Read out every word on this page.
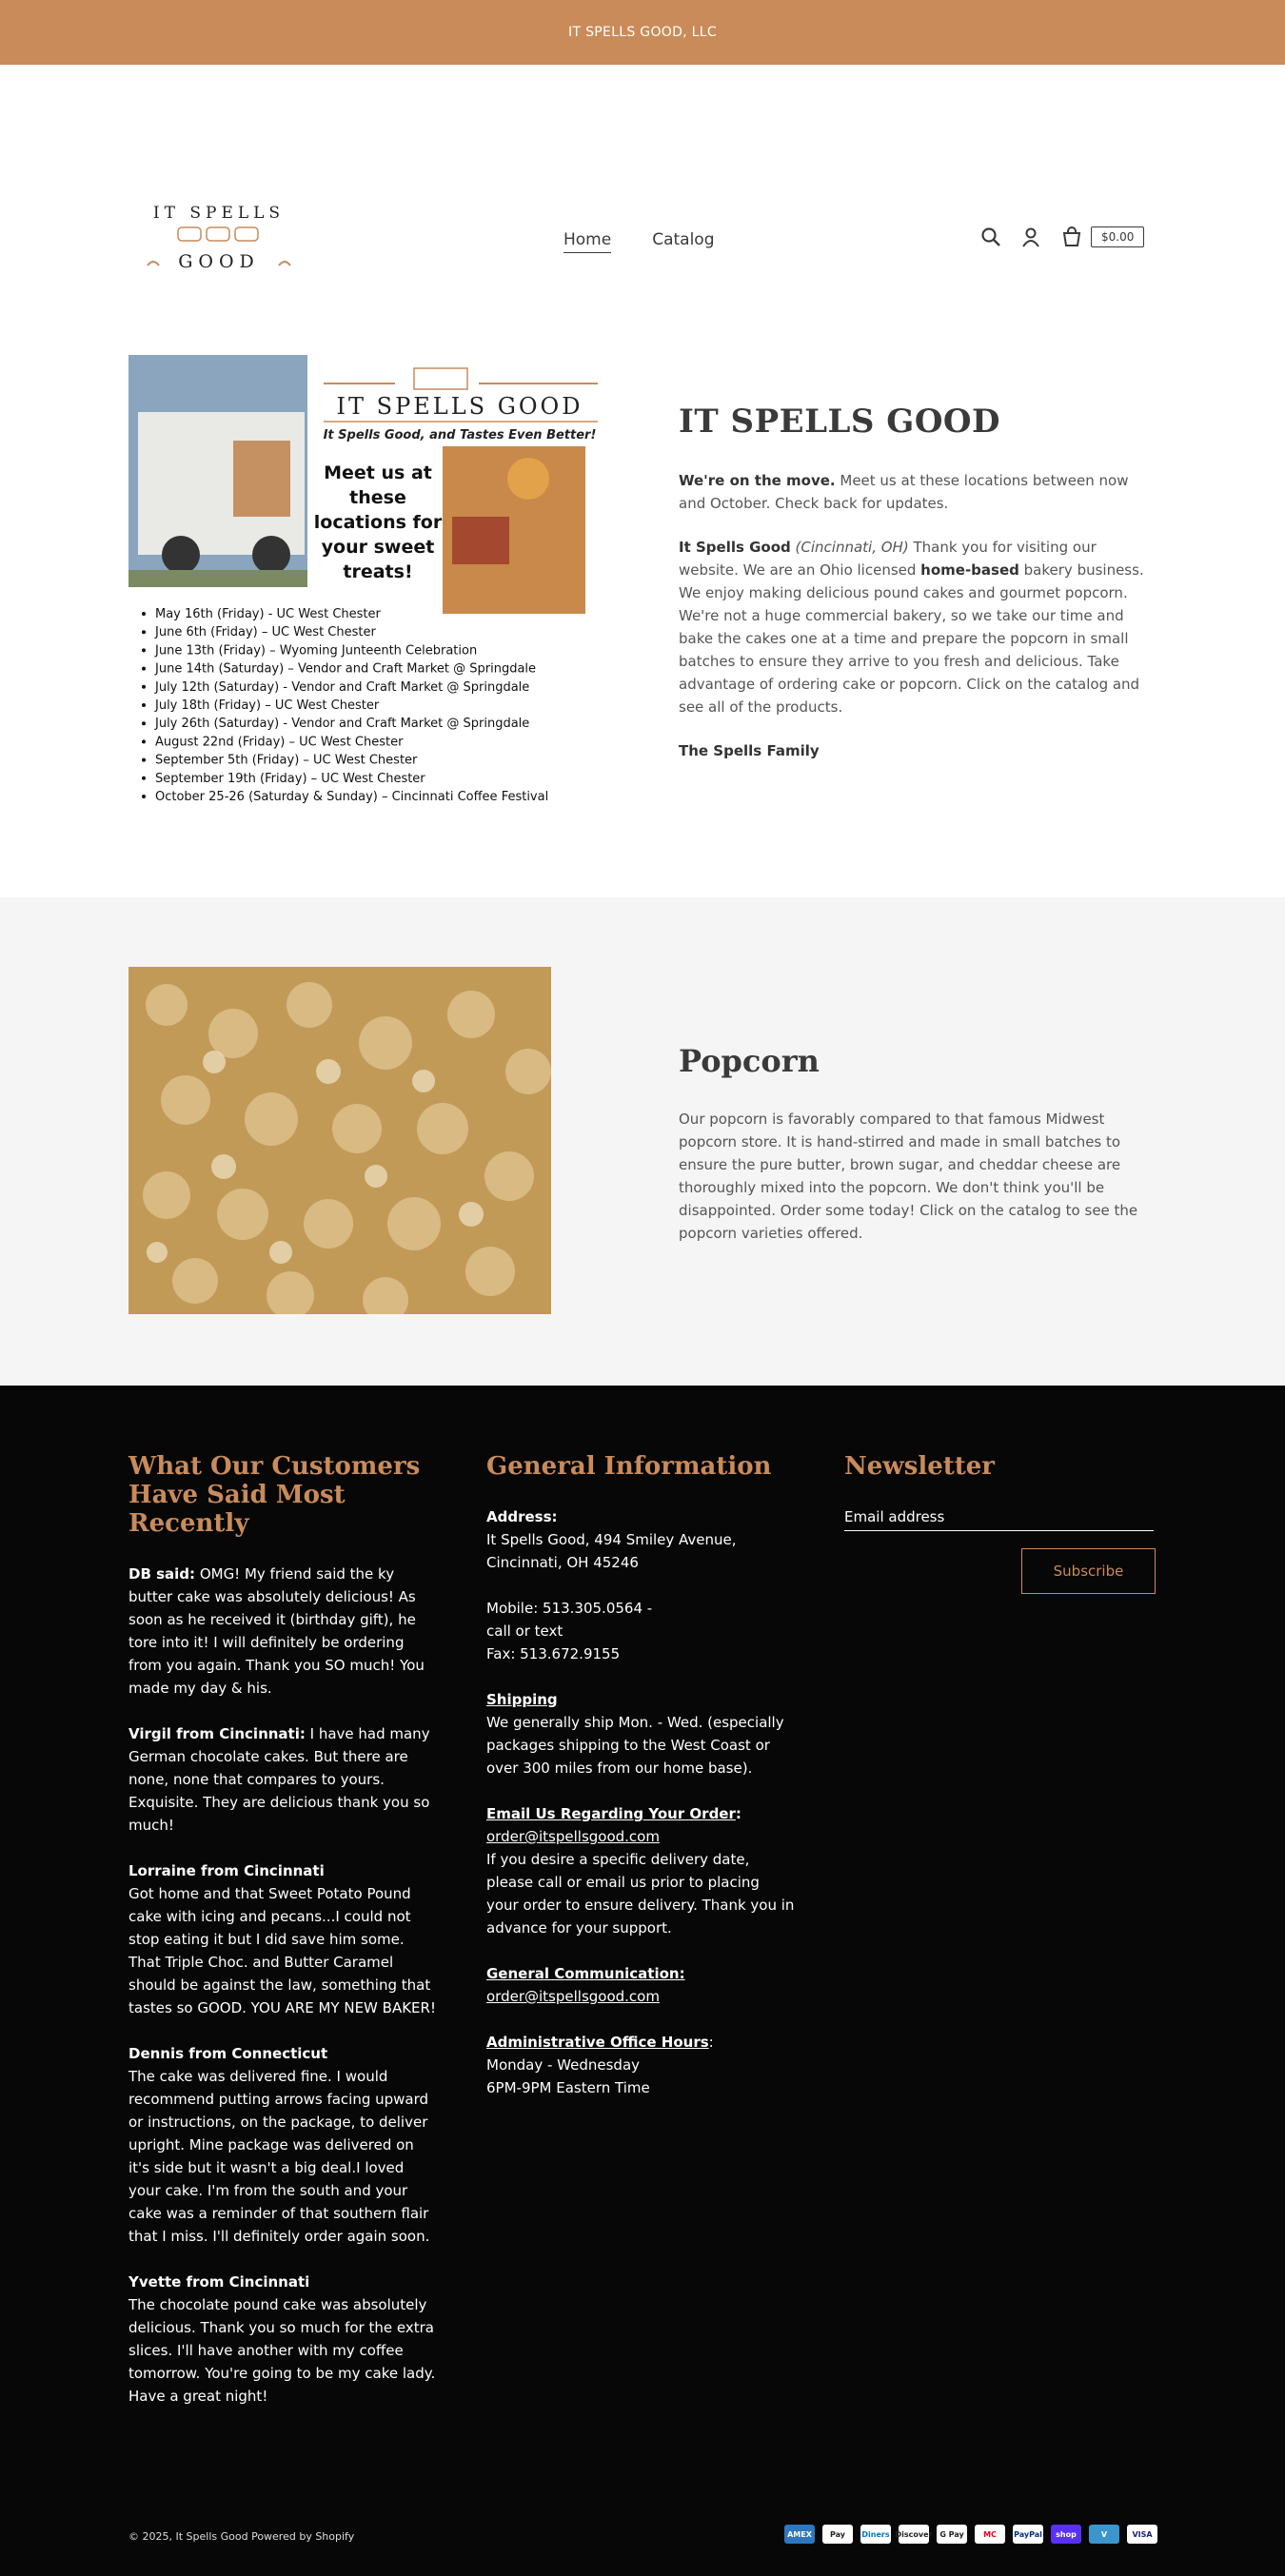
IT SPELLS GOOD, LLC
IT SPELLS
GOOD
Home	Catalog	$0.00
IT SPELLS GOOD
It Spells Good, and Tastes Even Better!
Meet us at
these
locations for
your sweet
treats!
May 16th (Friday) - UC West Chester
June 6th (Friday) – UC West Chester
June 13th (Friday) – Wyoming Junteenth Celebration
June 14th (Saturday) – Vendor and Craft Market @ Springdale
July 12th (Saturday) - Vendor and Craft Market @ Springdale
July 18th (Friday) – UC West Chester
July 26th (Saturday) - Vendor and Craft Market @ Springdale
August 22nd (Friday) – UC West Chester
September 5th (Friday) – UC West Chester
September 19th (Friday) – UC West Chester
October 25-26 (Saturday & Sunday) – Cincinnati Coffee Festival
IT SPELLS GOOD

We're on the move. Meet us at these locations between now and October. Check back for updates.

It Spells Good (Cincinnati, OH) Thank you for visiting our website. We are an Ohio licensed home-based bakery business. We enjoy making delicious pound cakes and gourmet popcorn. We're not a huge commercial bakery, so we take our time and bake the cakes one at a time and prepare the popcorn in small batches to ensure they arrive to you fresh and delicious. Take advantage of ordering cake or popcorn. Click on the catalog and see all of the products.

The Spells Family

Popcorn

Our popcorn is favorably compared to that famous Midwest popcorn store. It is hand-stirred and made in small batches to ensure the pure butter, brown sugar, and cheddar cheese are thoroughly mixed into the popcorn. We don't think you'll be disappointed. Order some today! Click on the catalog to see the popcorn varieties offered.

What Our Customers Have Said Most Recently
DB said: OMG! My friend said the ky butter cake was absolutely delicious! As soon as he received it (birthday gift), he tore into it! I will definitely be ordering from you again. Thank you SO much! You made my day & his.
Virgil from Cincinnati: I have had many German chocolate cakes. But there are none, none that compares to yours. Exquisite. They are delicious thank you so much!
Lorraine from Cincinnati
Got home and that Sweet Potato Pound cake with icing and pecans...I could not stop eating it but I did save him some. That Triple Choc. and Butter Caramel should be against the law, something that tastes so GOOD. YOU ARE MY NEW BAKER!
Dennis from Connecticut
The cake was delivered fine. I would recommend putting arrows facing upward or instructions, on the package, to deliver upright. Mine package was delivered on it's side but it wasn't a big deal.I loved your cake. I'm from the south and your cake was a reminder of that southern flair that I miss. I'll definitely order again soon.
Yvette from Cincinnati
The chocolate pound cake was absolutely delicious. Thank you so much for the extra slices. I'll have another with my coffee tomorrow. You're going to be my cake lady. Have a great night!
General Information
Address:
It Spells Good, 494 Smiley Avenue, Cincinnati, OH 45246
Mobile: 513.305.0564 -
call or text
Fax: 513.672.9155
Shipping
We generally ship Mon. - Wed. (especially packages shipping to the West Coast or over 300 miles from our home base).
Email Us Regarding Your Order:
order@itspellsgood.com
If you desire a specific delivery date, please call or email us prior to placing your order to ensure delivery. Thank you in advance for your support.
General Communication:
order@itspellsgood.com
Administrative Office Hours:
Monday - Wednesday
6PM-9PM Eastern Time
Newsletter
Email address
Subscribe
© 2025, It Spells Good Powered by Shopify	AMEX	Pay	Diners Discover G Pay	MC	PayPal	shop	V	VISA
